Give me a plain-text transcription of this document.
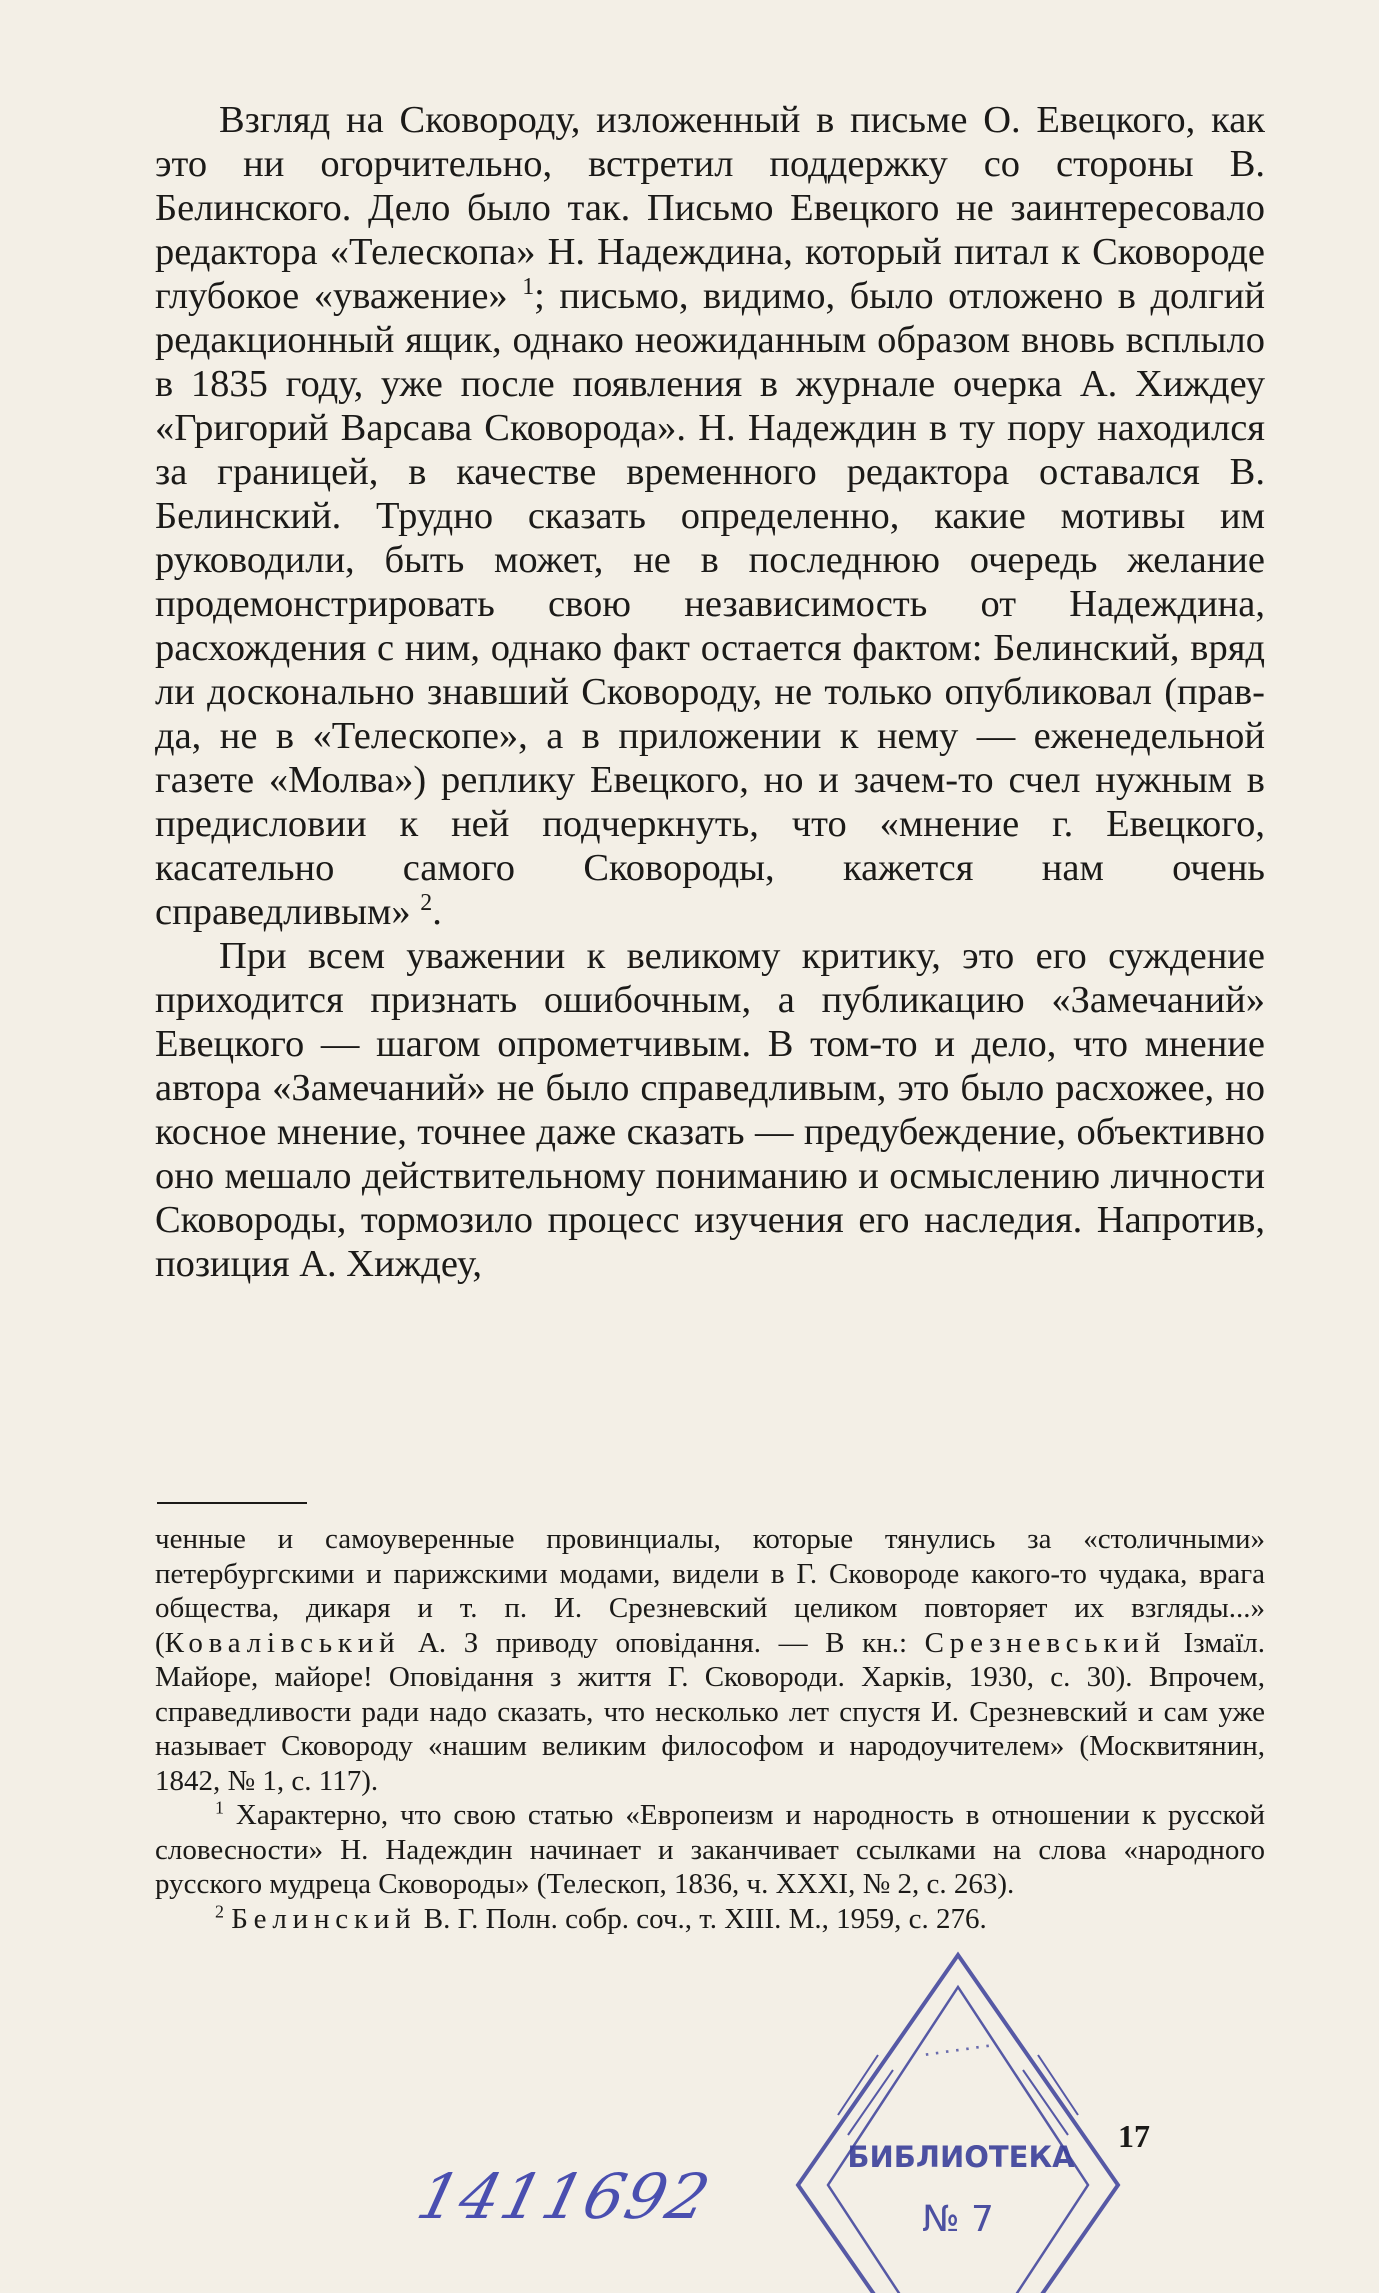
Взгляд на Сковороду, изложенный в письме О. Евецкого, как это ни огорчительно, встретил поддержку со стороны В. Белинского. Дело было так. Письмо Евецкого не заинтересовало редактора «Телескопа» Н. Надеждина, который питал к Сковороде глубокое «уважение» $^1$; письмо, видимо, было отложено в долгий редакционный ящик, однако неожиданным образом вновь всплыло в 1835 году, уже после появления в журнале очерка А. Хиждеу «Григорий Варсава Сковорода». Н. Надеждин в ту пору находился за границей, в качестве временного редактора оставался В. Белинский. Трудно сказать определенно, какие мотивы им руководили, быть может, не в последнюю очередь желание продемонстрировать свою независимость от Надеждина, расхождения с ним, однако факт остается фактом: Белинский, вряд ли досконально знавший Сковороду, не только опубликовал (правда, не в «Телескопе», а в приложении к нему — еженедельной газете «Молва») реплику Евецкого, но и зачем-то счел нужным в предисловии к ней подчеркнуть, что «мнение г. Евецкого, касательно самого Сковороды, кажется нам очень справедливым» $^2$.

При всем уважении к великому критику, это его суждение приходится признать ошибочным, а публикацию «Замечаний» Евецкого — шагом опрометчивым. В том-то и дело, что мнение автора «Замечаний» не было справедливым, это было расхожее, но косное мнение, точнее даже сказать — предубеждение, объективно оно мешало действительному пониманию и осмыслению личности Сковороды, тормозило процесс изучения его наследия. Напротив, позиция А. Хиждеу,

ченные и самоуверенные провинциалы, которые тянулись за «столичными» петербургскими и парижскими модами, видели в Г. Сковороде какого-то чудака, врага общества, дикаря и т. п. И. Срезневский целиком повторяет их взгляды...» (Ковалівський А. З приводу оповідання. — В кн.: Срезневський Ізмаїл. Майоре, майоре! Оповідання з життя Г. Сковороди. Харків, 1930, с. 30). Впрочем, справедливости ради надо сказать, что несколько лет спустя И. Срезневский и сам уже называет Сковороду «нашим великим философом и народоучителем» (Москвитянин, 1842, № 1, с. 117).

$^1$ Характерно, что свою статью «Европеизм и народность в отношении к русской словесности» Н. Надеждин начинает и заканчивает ссылками на слова «народного русского мудреца Сковороды» (Телескоп, 1836, ч. XXXI, № 2, с. 263).

$^2$ Белинский В. Г. Полн. собр. соч., т. XIII. М., 1959, с. 276.

17
1411692
· · · · · · ·
БИБЛИОТЕКА
№ 7
